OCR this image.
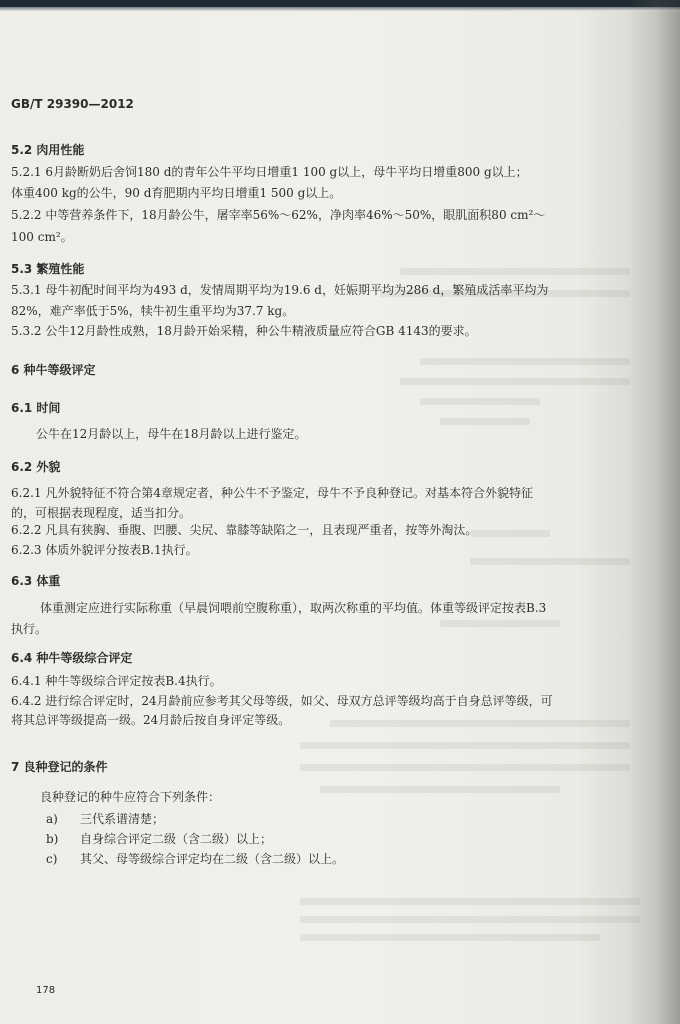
GB/T 29390—2012
5.2 肉用性能
5.2.1 6月龄断奶后舍饲180 d的青年公牛平均日增重1 100 g以上，母牛平均日增重800 g以上；
体重400 kg的公牛，90 d育肥期内平均日增重1 500 g以上。
5.2.2 中等营养条件下，18月龄公牛，屠宰率56%～62%，净肉率46%～50%，眼肌面积80 cm²～
100 cm²。
5.3 繁殖性能
5.3.1 母牛初配时间平均为493 d，发情周期平均为19.6 d，妊娠期平均为286 d，繁殖成活率平均为
82%，难产率低于5%，犊牛初生重平均为37.7 kg。
5.3.2 公牛12月龄性成熟，18月龄开始采精，种公牛精液质量应符合GB 4143的要求。
6 种牛等级评定
6.1 时间
公牛在12月龄以上，母牛在18月龄以上进行鉴定。
6.2 外貌
6.2.1 凡外貌特征不符合第4章规定者，种公牛不予鉴定，母牛不予良种登记。对基本符合外貌特征
的，可根据表现程度，适当扣分。
6.2.2 凡具有狭胸、垂腹、凹腰、尖尻、靠膝等缺陷之一，且表现严重者，按等外淘汰。
6.2.3 体质外貌评分按表B.1执行。
6.3 体重
体重测定应进行实际称重（早晨饲喂前空腹称重），取两次称重的平均值。体重等级评定按表B.3
执行。
6.4 种牛等级综合评定
6.4.1 种牛等级综合评定按表B.4执行。
6.4.2 进行综合评定时，24月龄前应参考其父母等级，如父、母双方总评等级均高于自身总评等级，可
将其总评等级提高一级。24月龄后按自身评定等级。
7 良种登记的条件
良种登记的种牛应符合下列条件：
a) 三代系谱清楚；
b) 自身综合评定二级（含二级）以上；
c) 其父、母等级综合评定均在二级（含二级）以上。
178
